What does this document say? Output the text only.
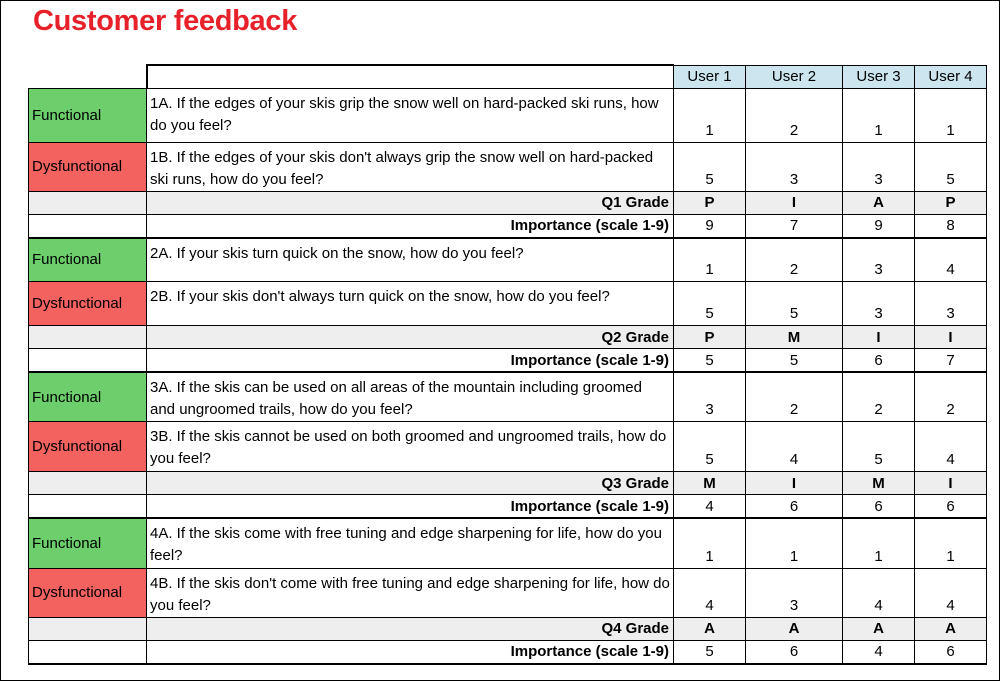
Customer feedback
		User 1	User 2	User 3	User 4
Functional	1A. If the edges of your skis grip the snow well on hard-packed ski runs, how do you feel?	1	2	1	1
Dysfunctional	1B. If the edges of your skis don't always grip the snow well on hard-packed ski runs, how do you feel?	5	3	3	5
	Q1 Grade	P	I	A	P
	Importance (scale 1-9)	9	7	9	8
Functional	2A. If your skis turn quick on the snow, how do you feel?	1	2	3	4
Dysfunctional	2B. If your skis don't always turn quick on the snow, how do you feel?	5	5	3	3
	Q2 Grade	P	M	I	I
	Importance (scale 1-9)	5	5	6	7
Functional	3A. If the skis can be used on all areas of the mountain including groomed and ungroomed trails, how do you feel?	3	2	2	2
Dysfunctional	3B. If the skis cannot be used on both groomed and ungroomed trails, how do you feel?	5	4	5	4
	Q3 Grade	M	I	M	I
	Importance (scale 1-9)	4	6	6	6
Functional	4A. If the skis come with free tuning and edge sharpening for life, how do you feel?	1	1	1	1
Dysfunctional	4B. If the skis don't come with free tuning and edge sharpening for life, how do you feel?	4	3	4	4
	Q4 Grade	A	A	A	A
	Importance (scale 1-9)	5	6	4	6
